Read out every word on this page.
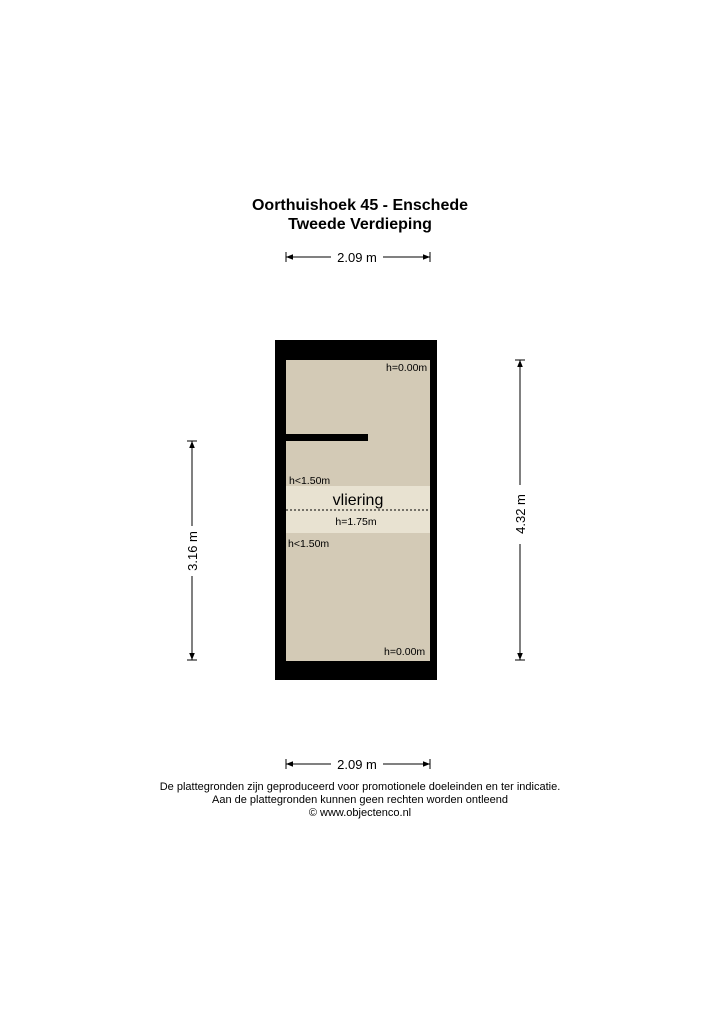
Oorthuishoek 45 - Enschede
Tweede Verdieping
2.09 m
h=0.00m
h<1.50m
vliering
h=1.75m
h<1.50m
h=0.00m
4.32 m
3.16 m
2.09 m
De plattegronden zijn geproduceerd voor promotionele doeleinden en ter indicatie.
Aan de plattegronden kunnen geen rechten worden ontleend
© www.objectenco.nl
